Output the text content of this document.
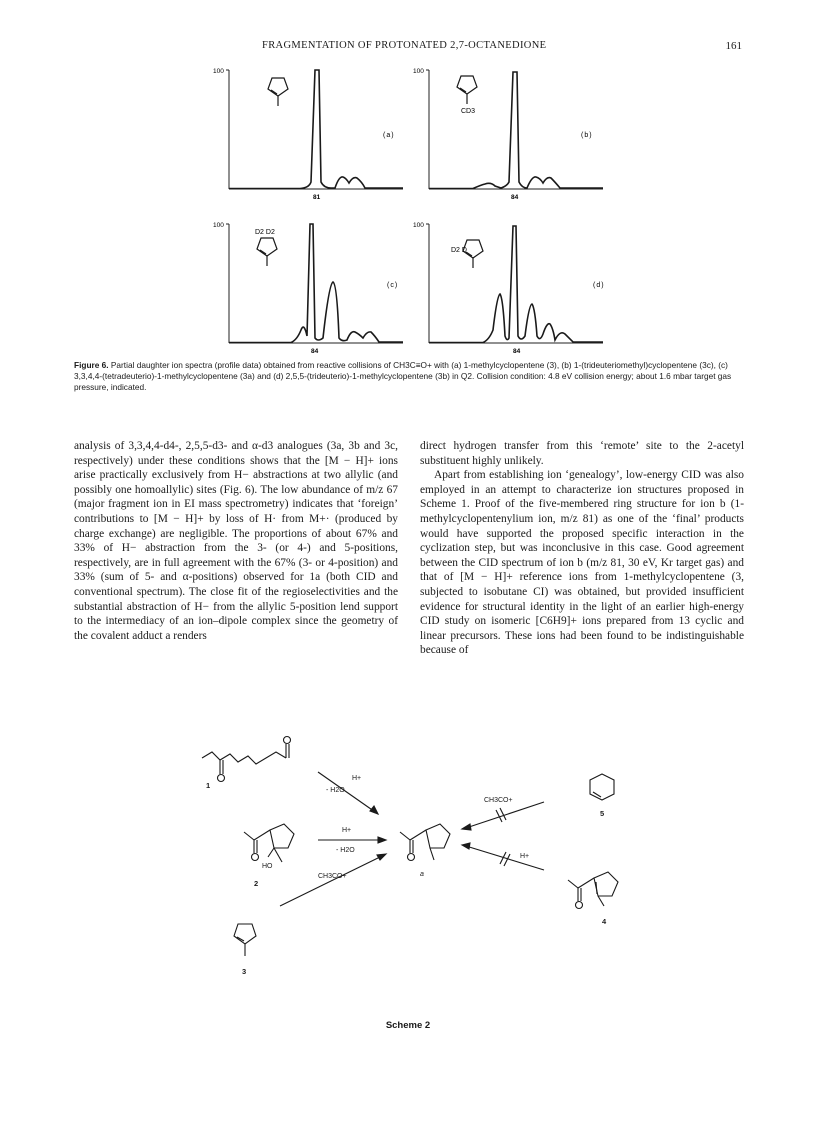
FRAGMENTATION OF PROTONATED 2,7-OCTANEDIONE	161
100
81
(a)
100
84
(b)
CD3
100
84
(c)
D2 D2
100
84
(d)
D2 D
Figure 6. Partial daughter ion spectra (profile data) obtained from reactive collisions of CH3C≡O+ with (a) 1-methylcyclopentene (3), (b) 1-(trideuteriomethyl)cyclopentene (3c), (c) 3,3,4,4-(tetradeuterio)-1-methylcyclopentene (3a) and (d) 2,5,5-(trideuterio)-1-methylcyclopentene (3b) in Q2. Collision condition: 4.8 eV collision energy; about 1.6 mbar target gas pressure, indicated.

analysis of 3,3,4,4-d4-, 2,5,5-d3- and α-d3 analogues (3a, 3b and 3c, respectively) under these conditions shows that the [M − H]+ ions arise practically exclusively from H− abstractions at two allylic (and possibly one homoallylic) sites (Fig. 6). The low abundance of m/z 67 (major fragment ion in EI mass spectrometry) indicates that ‘foreign’ contributions to [M − H]+ by loss of H· from M+· (produced by charge exchange) are negligible. The proportions of about 67% and 33% of H− abstraction from the 3- (or 4-) and 5-positions, respectively, are in full agreement with the 67% (3- or 4-position) and 33% (sum of 5- and α-positions) observed for 1a (both CID and conventional spectrum). The close fit of the regioselectivities and the substantial abstraction of H− from the allylic 5-position lend support to the intermediacy of an ion–dipole complex since the geometry of the covalent adduct a renders

direct hydrogen transfer from this ‘remote’ site to the 2-acetyl substituent highly unlikely.

Apart from establishing ion ‘genealogy’, low-energy CID was also employed in an attempt to characterize ion structures proposed in Scheme 1. Proof of the five-membered ring structure for ion b (1-methylcyclopentenylium ion, m/z 81) as one of the ‘final’ products would have supported the proposed specific interaction in the cyclization step, but was inconclusive in this case. Good agreement between the CID spectrum of ion b (m/z 81, 30 eV, Kr target gas) and that of [M − H]+ reference ions from 1-methylcyclopentene (3, subjected to isobutane CI) was obtained, but provided insufficient evidence for structural identity in the light of an earlier high-energy CID study on isomeric [C6H9]+ ions prepared from 13 cyclic and linear precursors. These ions had been found to be indistinguishable because of

1
2
3
4
5
a
HO
H+
- H2O
H+
- H2O
CH3CO+
CH3CO+
H+
Scheme 2
